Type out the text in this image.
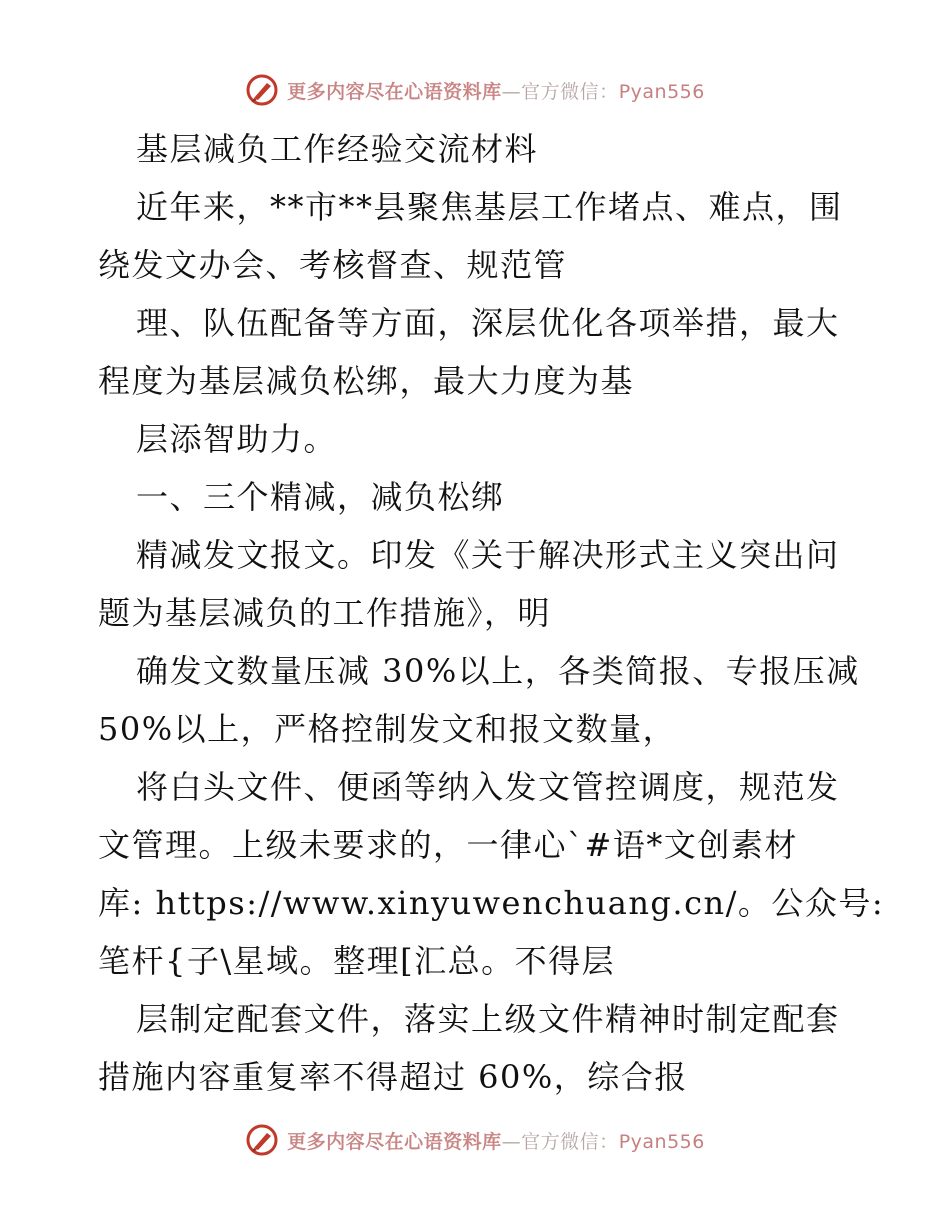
更多内容尽在心语资料库—官方微信：Pyan556
基层减负工作经验交流材料
近年来，**市**县聚焦基层工作堵点、难点，围
绕发文办会、考核督查、规范管
理、队伍配备等方面，深层优化各项举措，最大
程度为基层减负松绑，最大力度为基
层添智助力。
一、三个精减，减负松绑
精减发文报文。印发《关于解决形式主义突出问
题为基层减负的工作措施》，明
确发文数量压减 30%以上，各类简报、专报压减
50%以上，严格控制发文和报文数量，
将白头文件、便函等纳入发文管控调度，规范发
文管理。上级未要求的，一律心`#语*文创素材
库: https://www.xinyuwenchuang.cn/。公众号:
笔杆{子\星域。整理[汇总。不得层
层制定配套文件，落实上级文件精神时制定配套
措施内容重复率不得超过 60%，综合报
更多内容尽在心语资料库—官方微信：Pyan556
